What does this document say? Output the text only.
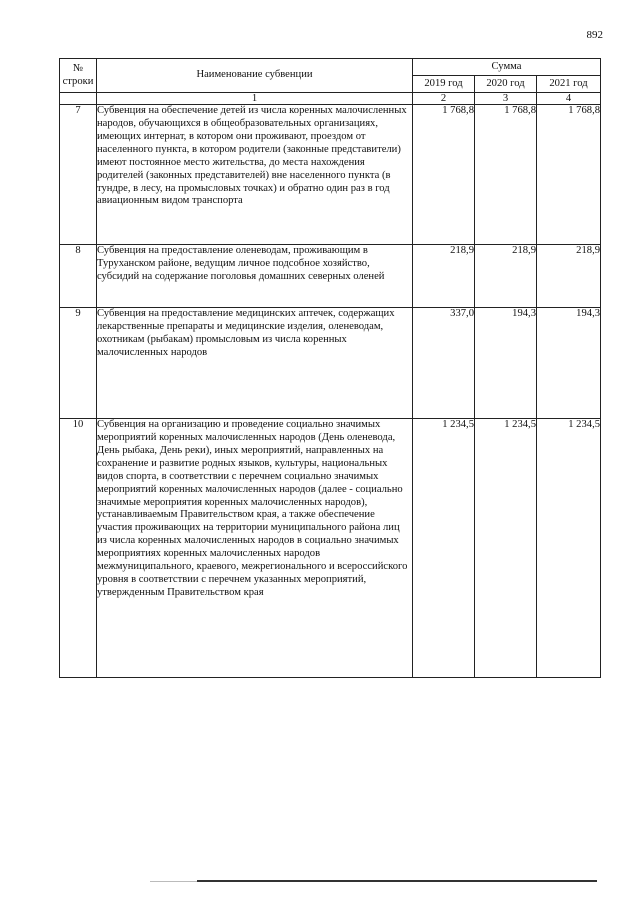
892
№ строки	Наименование субвенции	Сумма		
		2019 год	2020 год	2021 год
	1	2	3	4
7	Субвенция на обеспечение детей из числа коренных малочисленных народов, обучающихся в общеобразовательных организациях, имеющих интернат, в котором они проживают, проездом от населенного пункта, в котором родители (законные представители) имеют постоянное место жительства, до места нахождения родителей (законных представителей) вне населенного пункта (в тундре, в лесу, на промысловых точках) и обратно один раз в год авиационным видом транспорта	1 768,8	1 768,8	1 768,8
8	Субвенция на предоставление оленеводам, проживающим в Туруханском районе, ведущим личное подсобное хозяйство, субсидий на содержание поголовья домашних северных оленей	218,9	218,9	218,9
9	Субвенция на предоставление медицинских аптечек, содержащих лекарственные препараты и медицинские изделия, оленеводам, охотникам (рыбакам) промысловым из числа коренных малочисленных народов	337,0	194,3	194,3
10	Субвенция на организацию и проведение социально значимых мероприятий коренных малочисленных народов (День оленевода, День рыбака, День реки), иных мероприятий, направленных на сохранение и развитие родных языков, культуры, национальных видов спорта, в соответствии с перечнем социально значимых мероприятий коренных малочисленных народов (далее - социально значимые мероприятия коренных малочисленных народов), устанавливаемым Правительством края, а также обеспечение участия проживающих на территории муниципального района лиц из числа коренных малочисленных народов в социально значимых мероприятиях коренных малочисленных народов межмуниципального, краевого, межрегионального и всероссийского уровня в соответствии с перечнем указанных мероприятий, утвержденным Правительством края	1 234,5	1 234,5	1 234,5
